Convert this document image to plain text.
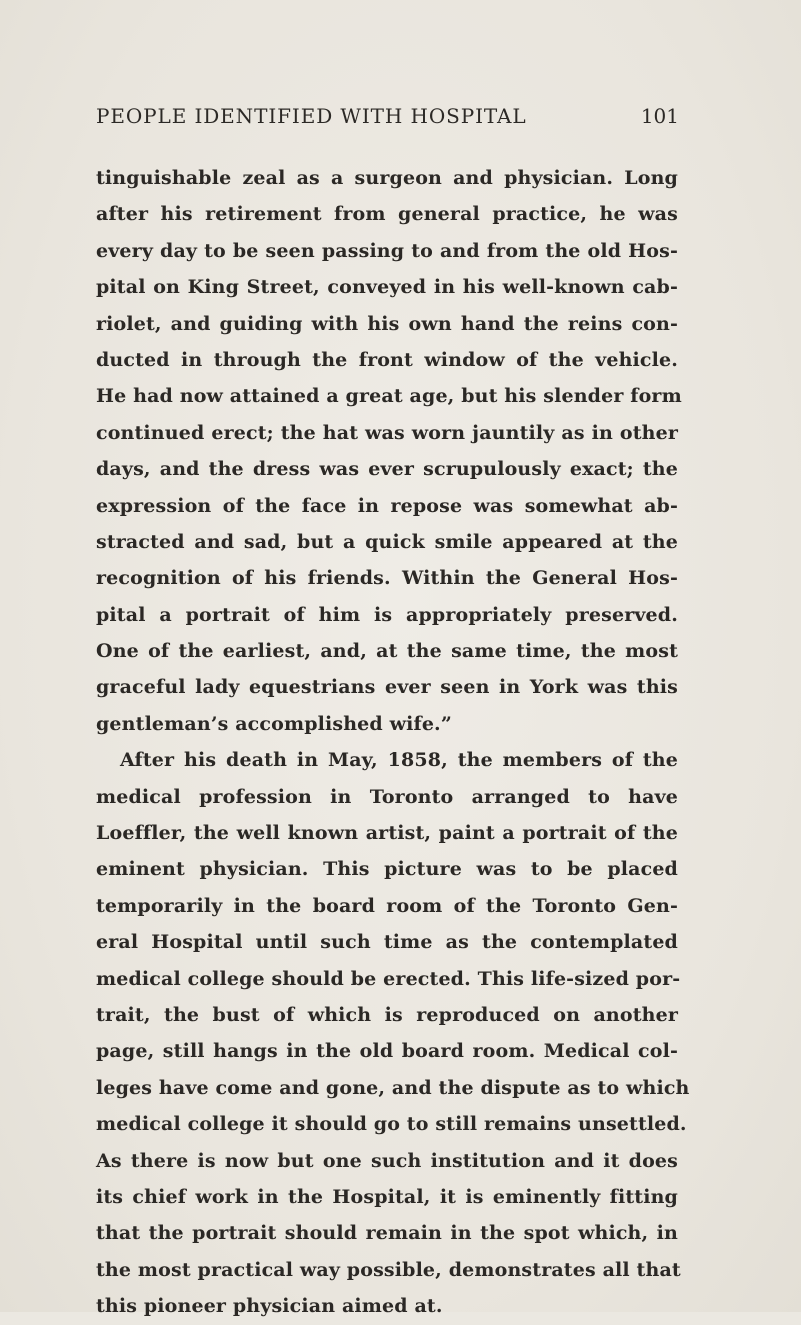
PEOPLE IDENTIFIED WITH HOSPITAL	101
tinguishable zeal as a surgeon and physician. Long
after his retirement from general practice, he was
every day to be seen passing to and from the old Hos-
pital on King Street, conveyed in his well-known cab-
riolet, and guiding with his own hand the reins con-
ducted in through the front window of the vehicle.
He had now attained a great age, but his slender form
continued erect; the hat was worn jauntily as in other
days, and the dress was ever scrupulously exact; the
expression of the face in repose was somewhat ab-
stracted and sad, but a quick smile appeared at the
recognition of his friends. Within the General Hos-
pital a portrait of him is appropriately preserved.
One of the earliest, and, at the same time, the most
graceful lady equestrians ever seen in York was this
gentleman’s accomplished wife.”
After his death in May, 1858, the members of the
medical profession in Toronto arranged to have
Loeffler, the well known artist, paint a portrait of the
eminent physician. This picture was to be placed
temporarily in the board room of the Toronto Gen-
eral Hospital until such time as the contemplated
medical college should be erected. This life-sized por-
trait, the bust of which is reproduced on another
page, still hangs in the old board room. Medical col-
leges have come and gone, and the dispute as to which
medical college it should go to still remains unsettled.
As there is now but one such institution and it does
its chief work in the Hospital, it is eminently fitting
that the portrait should remain in the spot which, in
the most practical way possible, demonstrates all that
this pioneer physician aimed at.
